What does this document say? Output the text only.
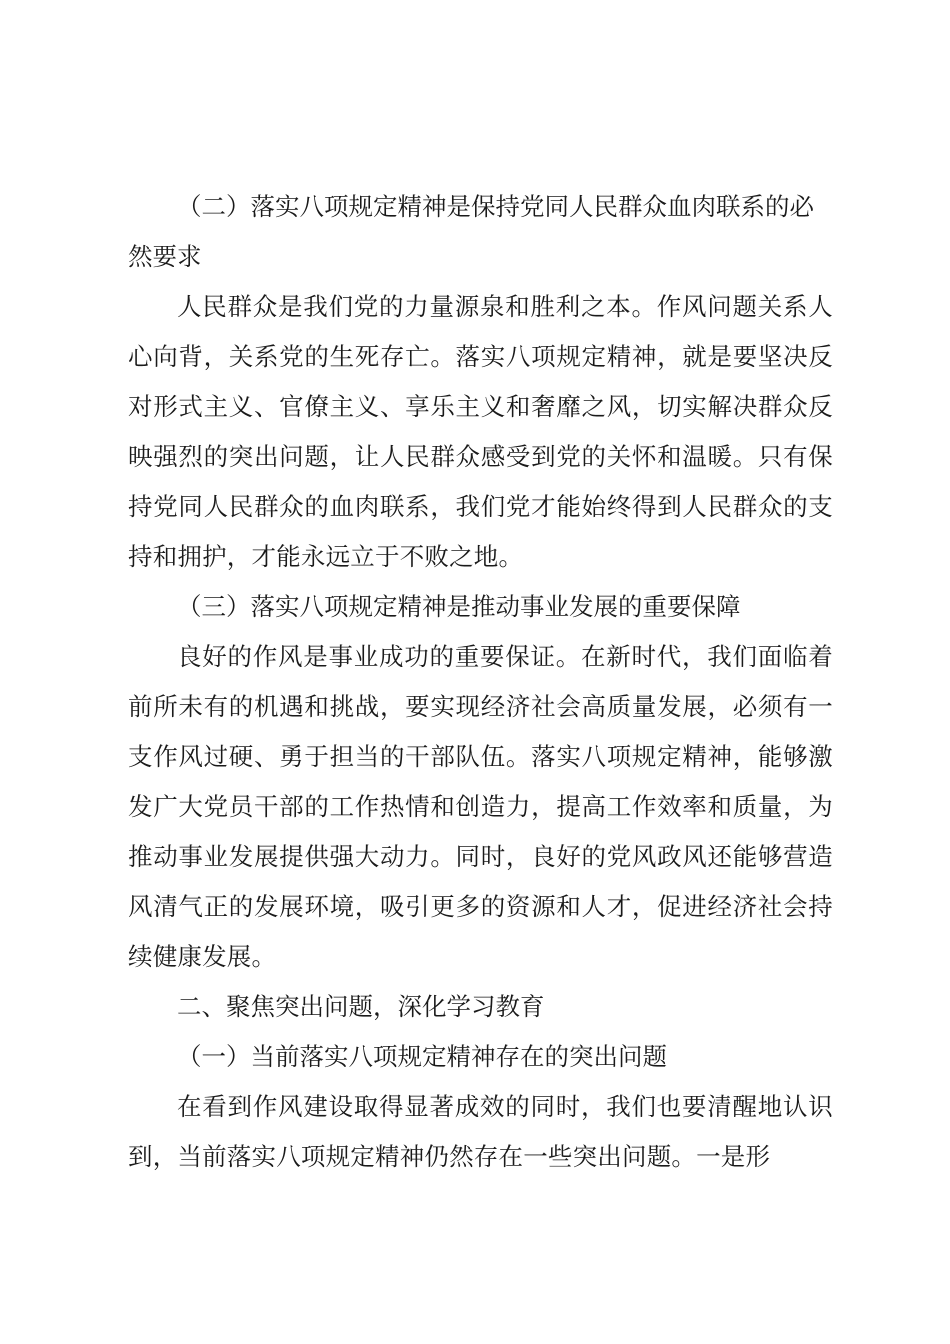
（二）落实八项规定精神是保持党同人民群众血肉联系的必然要求

人民群众是我们党的力量源泉和胜利之本。作风问题关系人心向背，关系党的生死存亡。落实八项规定精神，就是要坚决反对形式主义、官僚主义、享乐主义和奢靡之风，切实解决群众反映强烈的突出问题，让人民群众感受到党的关怀和温暖。只有保持党同人民群众的血肉联系，我们党才能始终得到人民群众的支持和拥护，才能永远立于不败之地。

（三）落实八项规定精神是推动事业发展的重要保障

良好的作风是事业成功的重要保证。在新时代，我们面临着前所未有的机遇和挑战，要实现经济社会高质量发展，必须有一支作风过硬、勇于担当的干部队伍。落实八项规定精神，能够激发广大党员干部的工作热情和创造力，提高工作效率和质量，为推动事业发展提供强大动力。同时，良好的党风政风还能够营造风清气正的发展环境，吸引更多的资源和人才，促进经济社会持续健康发展。

二、聚焦突出问题，深化学习教育

（一）当前落实八项规定精神存在的突出问题

在看到作风建设取得显著成效的同时，我们也要清醒地认识到，当前落实八项规定精神仍然存在一些突出问题。一是形
